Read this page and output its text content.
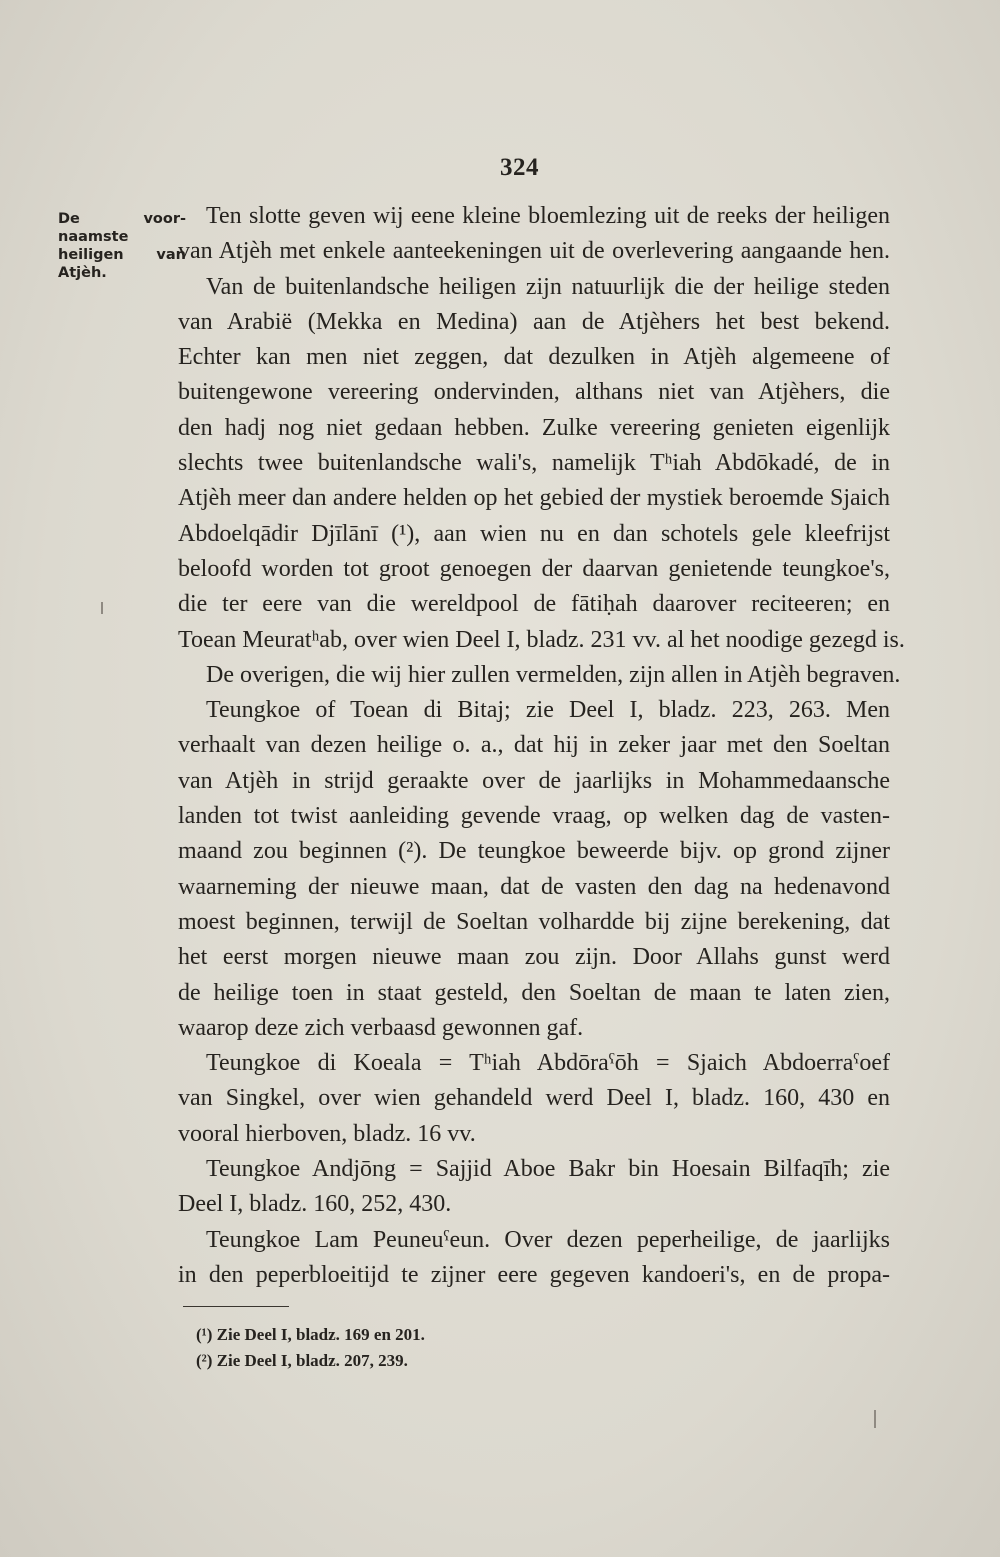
324
De voor-
naamste
heiligen van
Atjèh.
Ten slotte geven wij eene kleine bloemlezing uit de reeks der heiligen
van Atjèh met enkele aanteekeningen uit de overlevering aangaande hen.
Van de buitenlandsche heiligen zijn natuurlijk die der heilige steden
van Arabië (Mekka en Medina) aan de Atjèhers het best bekend.
Echter kan men niet zeggen, dat dezulken in Atjèh algemeene of
buitengewone vereering ondervinden, althans niet van Atjèhers, die
den hadj nog niet gedaan hebben. Zulke vereering genieten eigenlijk
slechts twee buitenlandsche wali's, namelijk Tʰiah Abdōkadé, de in
Atjèh meer dan andere helden op het gebied der mystiek beroemde Sjaich
Abdoelqādir Djīlānī (¹), aan wien nu en dan schotels gele kleefrijst
beloofd worden tot groot genoegen der daarvan genietende teungkoe's,
die ter eere van die wereldpool de fātiḥah daarover reciteeren; en
Toean Meuratʰab, over wien Deel I, bladz. 231 vv. al het noodige gezegd is.
De overigen, die wij hier zullen vermelden, zijn allen in Atjèh begraven.
Teungkoe of Toean di Bitaj; zie Deel I, bladz. 223, 263. Men
verhaalt van dezen heilige o. a., dat hij in zeker jaar met den Soeltan
van Atjèh in strijd geraakte over de jaarlijks in Mohammedaansche
landen tot twist aanleiding gevende vraag, op welken dag de vasten-
maand zou beginnen (²). De teungkoe beweerde bijv. op grond zijner
waarneming der nieuwe maan, dat de vasten den dag na hedenavond
moest beginnen, terwijl de Soeltan volhardde bij zijne berekening, dat
het eerst morgen nieuwe maan zou zijn. Door Allahs gunst werd
de heilige toen in staat gesteld, den Soeltan de maan te laten zien,
waarop deze zich verbaasd gewonnen gaf.
Teungkoe di Koeala = Tʰiah Abdōraˁōh = Sjaich Abdoerraˁoef
van Singkel, over wien gehandeld werd Deel I, bladz. 160, 430 en
vooral hierboven, bladz. 16 vv.
Teungkoe Andjōng = Sajjid Aboe Bakr bin Hoesain Bilfaqīh; zie
Deel I, bladz. 160, 252, 430.
Teungkoe Lam Peuneuˁeun. Over dezen peperheilige, de jaarlijks
in den peperbloeitijd te zijner eere gegeven kandoeri's, en de propa-
(¹) Zie Deel I, bladz. 169 en 201.
(²) Zie Deel I, bladz. 207, 239.
